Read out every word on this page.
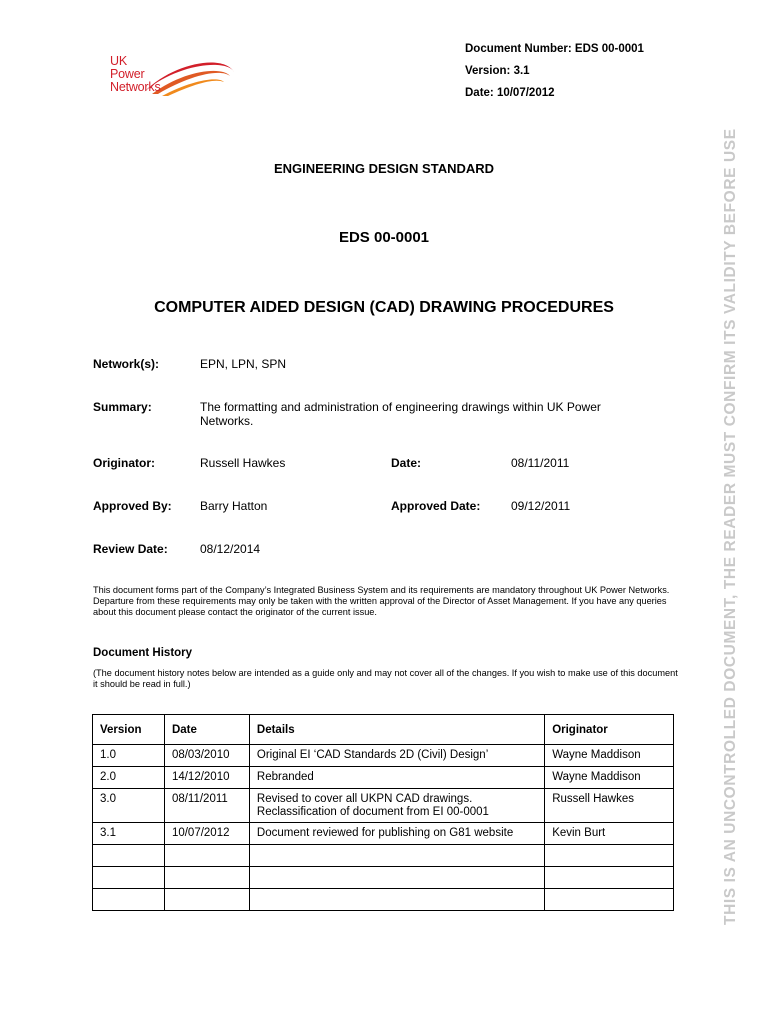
UK
Power
Networks
Document Number: EDS 00-0001
Version: 3.1
Date: 10/07/2012
ENGINEERING DESIGN STANDARD
EDS 00-0001
COMPUTER AIDED DESIGN (CAD) DRAWING PROCEDURES
Network(s):	EPN, LPN, SPN
Summary:	The formatting and administration of engineering drawings within UK Power Networks.
Originator:	Russell Hawkes	Date:	08/11/2011
Approved By: Barry Hatton	Approved Date:	09/12/2011
Review Date:	08/12/2014
This document forms part of the Company’s Integrated Business System and its requirements are mandatory throughout UK Power Networks. Departure from these requirements may only be taken with the written approval of the Director of Asset Management. If you have any queries about this document please contact the originator of the current issue.
Document History
(The document history notes below are intended as a guide only and may not cover all of the changes. If you wish to make use of this document it should be read in full.)
Version	Date	Details	Originator
1.0	08/03/2010	Original EI ‘CAD Standards 2D (Civil) Design’	Wayne Maddison
2.0	14/12/2010	Rebranded	Wayne Maddison
3.0	08/11/2011	Revised to cover all UKPN CAD drawings. Reclassification of document from EI 00-0001	Russell Hawkes
3.1	10/07/2012	Document reviewed for publishing on G81 website	Kevin Burt

				THIS IS AN UNCONTROLLED DOCUMENT, THE READER MUST CONFIRM ITS VALIDITY BEFORE USE
